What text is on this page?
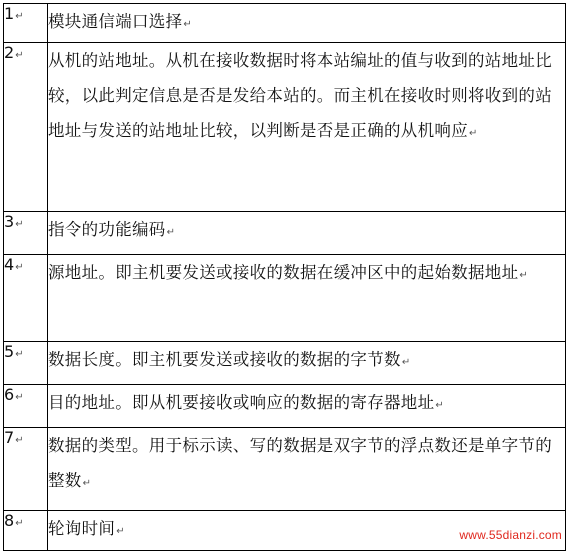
1↵	模块通信端口选择↵
2↵	从机的站地址。从机在接收数据时将本站编址的值与收到的站地址比较，以此判定信息是否是发给本站的。而主机在接收时则将收到的站地址与发送的站地址比较，以判断是否是正确的从机响应↵
3↵	指令的功能编码↵
4↵	源地址。即主机要发送或接收的数据在缓冲区中的起始数据地址↵
5↵	数据长度。即主机要发送或接收的数据的字节数↵
6↵	目的地址。即从机要接收或响应的数据的寄存器地址↵
7↵	数据的类型。用于标示读、写的数据是双字节的浮点数还是单字节的整数↵
8↵	轮询时间↵	www.55dianzi.com
